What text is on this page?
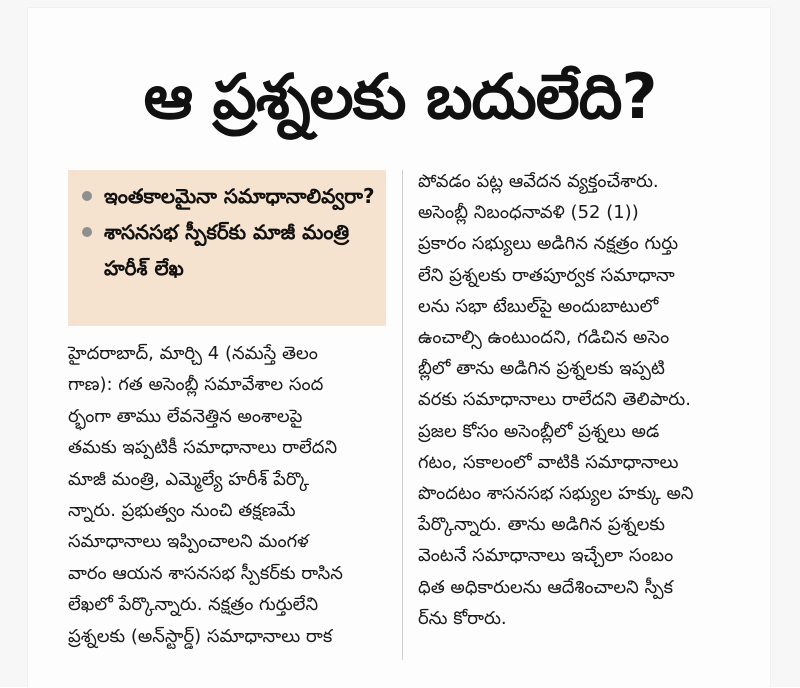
ఆ ప్రశ్నలకు బదులేది?
ఇంతకాలమైనా సమాధానాలివ్వరా?
శాసనసభ స్పీకర్‌కు మాజీ మంత్రి హరీశ్ లేఖ
హైదరాబాద్, మార్చి 4 (నమస్తే తెలం
గాణ): గత అసెంబ్లీ సమావేశాల సంద
ర్భంగా తాము లేవనెత్తిన అంశాలపై
తమకు ఇప్పటికీ సమాధానాలు రాలేదని
మాజీ మంత్రి, ఎమ్మెల్యే హరీశ్ పేర్కొ
న్నారు. ప్రభుత్వం నుంచి తక్షణమే
సమాధానాలు ఇప్పించాలని మంగళ
వారం ఆయన శాసనసభ స్పీకర్‌కు రాసిన
లేఖలో పేర్కొన్నారు. నక్షత్రం గుర్తులేని
ప్రశ్నలకు (అన్‌స్టార్డ్) సమాధానాలు రాక
పోవడం పట్ల ఆవేదన వ్యక్తంచేశారు.
అసెంబ్లీ నిబంధనావళి (52 (1))
ప్రకారం సభ్యులు అడిగిన నక్షత్రం గుర్తు
లేని ప్రశ్నలకు రాతపూర్వక సమాధానా
లను సభా టేబుల్‌పై అందుబాటులో
ఉంచాల్సి ఉంటుందని, గడిచిన అసెం
బ్లీలో తాను అడిగిన ప్రశ్నలకు ఇప్పటి
వరకు సమాధానాలు రాలేదని తెలిపారు.
ప్రజల కోసం అసెంబ్లీలో ప్రశ్నలు అడ
గటం, సకాలంలో వాటికి సమాధానాలు
పొందటం శాసనసభ సభ్యుల హక్కు అని
పేర్కొన్నారు. తాను అడిగిన ప్రశ్నలకు
వెంటనే సమాధానాలు ఇచ్చేలా సంబం
ధిత అధికారులను ఆదేశించాలని స్పీక
ర్‌ను కోరారు.
